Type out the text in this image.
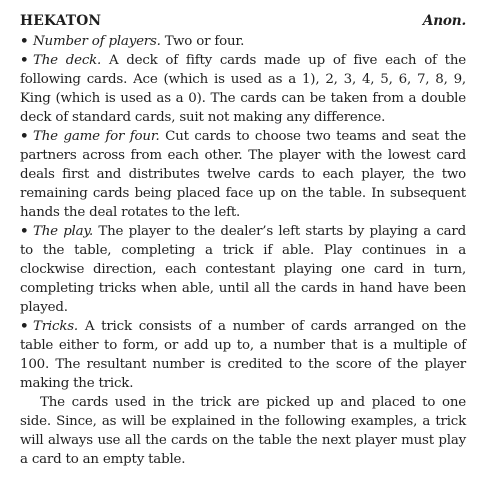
HEKATON	Anon.

• Number of players. Two or four.

• The deck. A deck of fifty cards made up of five each of the following cards. Ace (which is used as a 1), 2, 3, 4, 5, 6, 7, 8, 9, King (which is used as a 0). The cards can be taken from a double deck of standard cards, suit not making any difference.

• The game for four. Cut cards to choose two teams and seat the partners across from each other. The player with the lowest card deals first and distributes twelve cards to each player, the two remaining cards being placed face up on the table. In subsequent hands the deal rotates to the left.

• The play. The player to the dealer’s left starts by playing a card to the table, completing a trick if able. Play continues in a clockwise direction, each contestant playing one card in turn, completing tricks when able, until all the cards in hand have been played.

• Tricks. A trick consists of a number of cards arranged on the table either to form, or add up to, a number that is a multiple of 100. The resultant number is credited to the score of the player making the trick.

The cards used in the trick are picked up and placed to one side. Since, as will be explained in the following examples, a trick will always use all the cards on the table the next player must play a card to an empty table.
